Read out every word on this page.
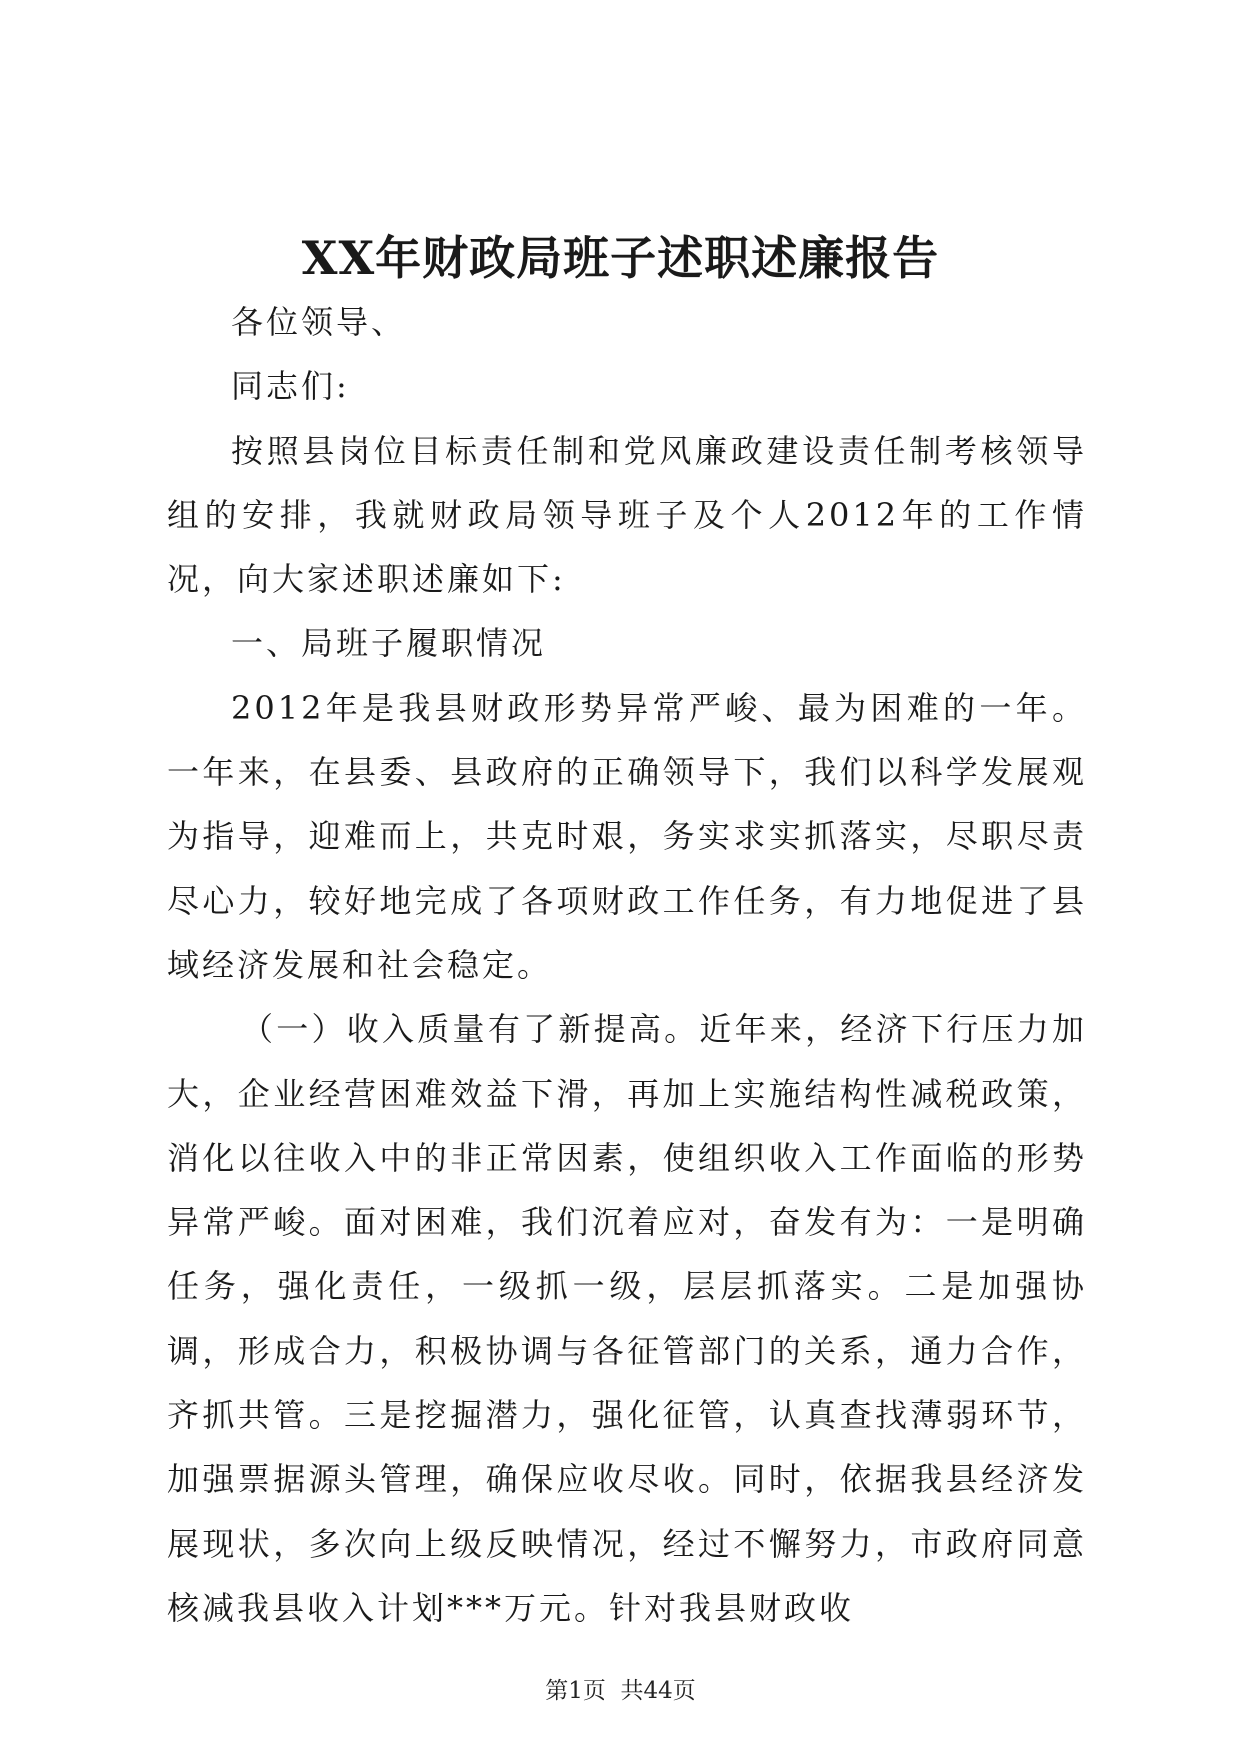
XX年财政局班子述职述廉报告

各位领导、

同志们:

按照县岗位目标责任制和党风廉政建设责任制考核领导组的安排，我就财政局领导班子及个人2012年的工作情况，向大家述职述廉如下:

一、局班子履职情况

2012年是我县财政形势异常严峻、最为困难的一年。一年来，在县委、县政府的正确领导下，我们以科学发展观为指导，迎难而上，共克时艰，务实求实抓落实，尽职尽责尽心力，较好地完成了各项财政工作任务，有力地促进了县域经济发展和社会稳定。

（一）收入质量有了新提高。近年来，经济下行压力加大，企业经营困难效益下滑，再加上实施结构性减税政策，消化以往收入中的非正常因素，使组织收入工作面临的形势异常严峻。面对困难，我们沉着应对，奋发有为：一是明确任务，强化责任，一级抓一级，层层抓落实。二是加强协调，形成合力，积极协调与各征管部门的关系，通力合作，齐抓共管。三是挖掘潜力，强化征管，认真查找薄弱环节，加强票据源头管理，确保应收尽收。同时，依据我县经济发展现状，多次向上级反映情况，经过不懈努力，市政府同意核减我县收入计划***万元。针对我县财政收

第1页 共44页
